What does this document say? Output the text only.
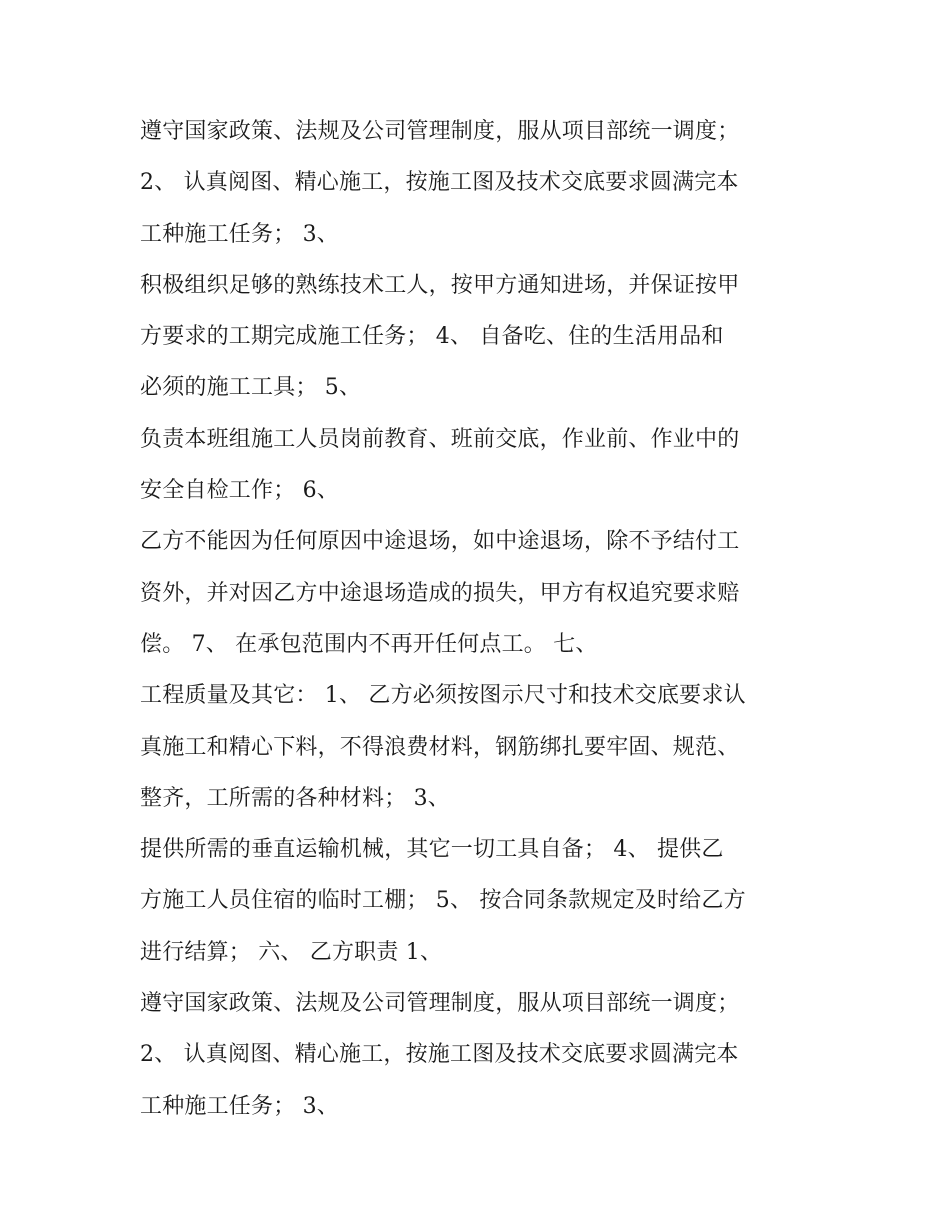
遵守国家政策、法规及公司管理制度，服从项目部统一调度；
2、 认真阅图、精心施工，按施工图及技术交底要求圆满完本
工种施工任务； 3、
积极组织足够的熟练技术工人，按甲方通知进场，并保证按甲
方要求的工期完成施工任务； 4、 自备吃、住的生活用品和
必须的施工工具； 5、
负责本班组施工人员岗前教育、班前交底，作业前、作业中的
安全自检工作； 6、
乙方不能因为任何原因中途退场，如中途退场，除不予结付工
资外，并对因乙方中途退场造成的损失，甲方有权追究要求赔
偿。 7、 在承包范围内不再开任何点工。 七、
工程质量及其它： 1、 乙方必须按图示尺寸和技术交底要求认
真施工和精心下料，不得浪费材料，钢筋绑扎要牢固、规范、
整齐，工所需的各种材料； 3、
提供所需的垂直运输机械，其它一切工具自备； 4、 提供乙
方施工人员住宿的临时工棚； 5、 按合同条款规定及时给乙方
进行结算； 六、 乙方职责 1、
遵守国家政策、法规及公司管理制度，服从项目部统一调度；
2、 认真阅图、精心施工，按施工图及技术交底要求圆满完本
工种施工任务； 3、
